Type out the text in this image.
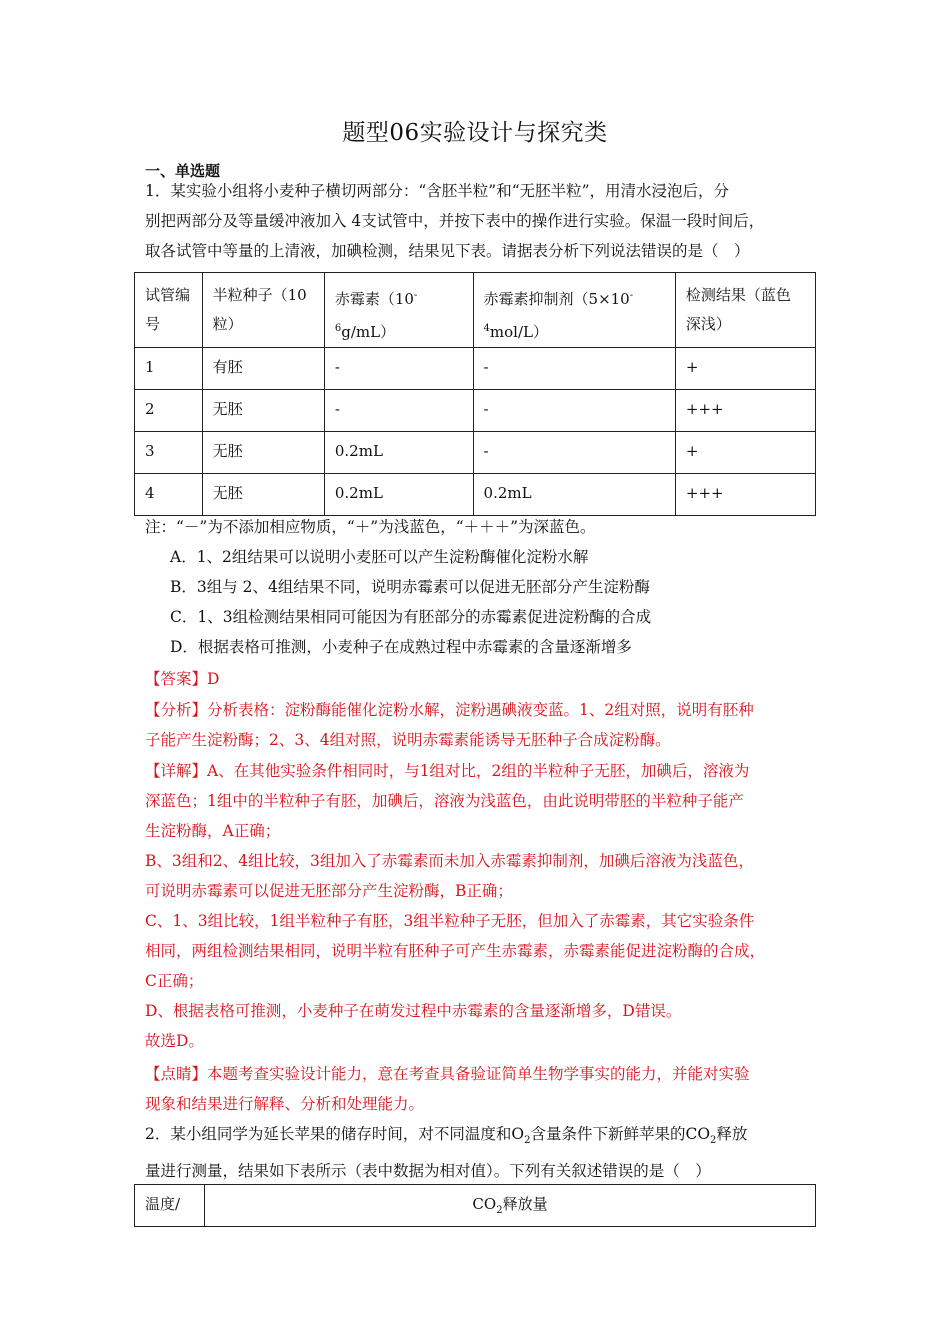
题型06实验设计与探究类
一、单选题
1．某实验小组将小麦种子横切两部分：“含胚半粒”和“无胚半粒”，用清水浸泡后，分
别把两部分及等量缓冲液加入 4支试管中，并按下表中的操作进行实验。保温一段时间后，
取各试管中等量的上清液，加碘检测，结果见下表。请据表分析下列说法错误的是（　）
试管编号	半粒种子（10粒）	赤霉素$(10^{-6}g/mL)$	赤霉素抑制剂$(5\times 10^{-4}mol/L)$	检测结果（蓝色深浅）
1	有胚	-	-	+
2	无胚	-	-	+++
3	无胚	0.2mL	-	+
4	无胚	0.2mL	0.2mL	+++
注：“－”为不添加相应物质，“＋”为浅蓝色，“＋＋＋”为深蓝色。
A．1、2组结果可以说明小麦胚可以产生淀粉酶催化淀粉水解
B．3组与 2、4组结果不同，说明赤霉素可以促进无胚部分产生淀粉酶
C．1、3组检测结果相同可能因为有胚部分的赤霉素促进淀粉酶的合成
D．根据表格可推测，小麦种子在成熟过程中赤霉素的含量逐渐增多
【答案】D
【分析】分析表格：淀粉酶能催化淀粉水解，淀粉遇碘液变蓝。1、2组对照，说明有胚种
子能产生淀粉酶；2、3、4组对照，说明赤霉素能诱导无胚种子合成淀粉酶。
【详解】A、在其他实验条件相同时，与1组对比，2组的半粒种子无胚，加碘后，溶液为
深蓝色；1组中的半粒种子有胚，加碘后，溶液为浅蓝色，由此说明带胚的半粒种子能产
生淀粉酶，A正确；
B、3组和2、4组比较，3组加入了赤霉素而未加入赤霉素抑制剂，加碘后溶液为浅蓝色，
可说明赤霉素可以促进无胚部分产生淀粉酶，B正确；
C、1、3组比较，1组半粒种子有胚，3组半粒种子无胚，但加入了赤霉素，其它实验条件
相同，两组检测结果相同，说明半粒有胚种子可产生赤霉素，赤霉素能促进淀粉酶的合成，
C正确；
D、根据表格可推测，小麦种子在萌发过程中赤霉素的含量逐渐增多，D错误。
故选D。
【点睛】本题考查实验设计能力，意在考查具备验证简单生物学事实的能力，并能对实验
现象和结果进行解释、分析和处理能力。
2．某小组同学为延长苹果的储存时间，对不同温度和$O_2$含量条件下新鲜苹果的$CO_2$释放
量进行测量，结果如下表所示（表中数据为相对值）。下列有关叙述错误的是（　）
温度/	$CO_2$释放量
